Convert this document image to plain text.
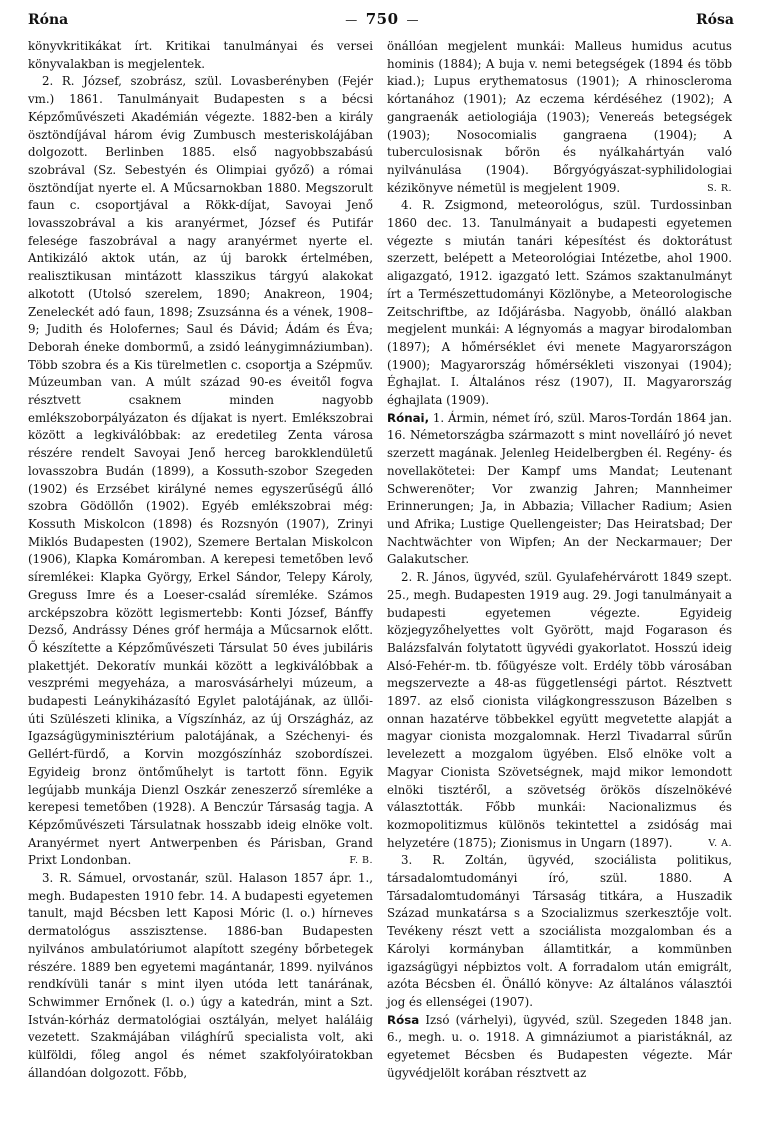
Róna
—	750 —	Rósa

könyvkritikákat írt. Kritikai tanulmányai és versei könyvalakban is megjelentek.

2. R. József, szobrász, szül. Lovasberényben (Fejér vm.) 1861. Tanulmányait Budapesten s a bécsi Képzőművészeti Akadémián végezte. 1882-ben a király ösztöndíjával három évig Zumbusch mesteriskolájában dolgozott. Berlinben 1885. első nagyobbszabású szobrával (Sz. Sebestyén és Olimpiai győző) a római ösztöndíjat nyerte el. A Műcsarnokban 1880. Megszorult faun c. csoportjával a Rökk-díjat, Savoyai Jenő lovasszobrával a kis aranyérmet, József és Putifár felesége faszobrával a nagy aranyérmet nyerte el. Antikizáló aktok után, az új barokk értelmében, realisztikusan mintázott klasszikus tárgyú alakokat alkotott (Utolsó szerelem, 1890; Anakreon, 1904; Zeneleckét adó faun, 1898; Zsuzsánna és a vének, 1908–9; Judith és Holofernes; Saul és Dávid; Ádám és Éva; Deborah éneke dombormű, a zsidó leánygimnáziumban). Több szobra és a Kis türelmetlen c. csoportja a Szépműv. Múzeumban van. A múlt század 90-es éveitől fogva résztvett csaknem minden nagyobb emlékszoborpályázaton és díjakat is nyert. Emlékszobrai között a legkiválóbbak: az eredetileg Zenta városa részére rendelt Savoyai Jenő herceg barokklendületű lovasszobra Budán (1899), a Kossuth-szobor Szegeden (1902) és Erzsébet királyné nemes egyszerűségű álló szobra Gödöllőn (1902). Egyéb emlékszobrai még: Kossuth Miskolcon (1898) és Rozsnyón (1907), Zrinyi Miklós Budapesten (1902), Szemere Bertalan Miskolcon (1906), Klapka Komáromban. A kerepesi temetőben levő síremlékei: Klapka György, Erkel Sándor, Telepy Károly, Greguss Imre és a Loeser-család síremléke. Számos arcképszobra között legismertebb: Konti József, Bánffy Dezső, Andrássy Dénes gróf hermája a Műcsarnok előtt. Ő készítette a Képzőművészeti Társulat 50 éves jubiláris plakettjét. Dekoratív munkái között a legkiválóbbak a veszprémi megyeháza, a marosvásárhelyi múzeum, a budapesti Leánykiházasító Egylet palotájának, az üllői-úti Szülészeti klinika, a Vígszínház, az új Országház, az Igazságügyminisztérium palotájának, a Széchenyi- és Gellért-fürdő, a Korvin mozgószínház szobordíszei. Egyideig bronz öntőműhelyt is tartott fönn. Egyik legújabb munkája Dienzl Oszkár zeneszerző síremléke a kerepesi temetőben (1928). A Benczúr Társaság tagja. A Képzőművészeti Társulatnak hosszabb ideig elnöke volt. Aranyérmet nyert Antwerpenben és Párisban, Grand Prixt Londonban.	F. B.

3. R. Sámuel, orvostanár, szül. Halason 1857 ápr. 1., megh. Budapesten 1910 febr. 14. A budapesti egyetemen tanult, majd Bécsben lett Kaposi Móric (l. o.) hírneves dermatológus asszisztense. 1886-ban Budapesten nyilvános ambulatóriumot alapított szegény bőrbetegek részére. 1889 ben egyetemi magántanár, 1899. nyilvános rendkívüli tanár s mint ilyen utóda lett tanárának, Schwimmer Ernőnek (l. o.) úgy a katedrán, mint a Szt. István-kórház dermatológiai osztályán, melyet haláláig vezetett. Szakmájában világhírű specialista volt, aki külföldi, főleg angol és német szakfolyóiratokban állandóan dolgozott. Főbb,

önállóan megjelent munkái: Malleus humidus acutus hominis (1884); A buja v. nemi betegségek (1894 és több kiad.); Lupus erythematosus (1901); A rhinoscleroma kórtanához (1901); Az eczema kérdéséhez (1902); A gangraenák aetiologiája (1903); Venereás betegségek (1903); Nosocomialis gangraena (1904); A tuberculosisnak bőrön és nyálkahártyán való nyilvánulása (1904). Bőrgyógyászat-syphilidologiai kézikönyve németül is megjelent 1909.	S. R.

4. R. Zsigmond, meteorológus, szül. Turdossinban 1860 dec. 13. Tanulmányait a budapesti egyetemen végezte s miután tanári képesítést és doktorátust szerzett, belépett a Meteorológiai Intézetbe, ahol 1900. aligazgató, 1912. igazgató lett. Számos szaktanulmányt írt a Természettudományi Közlönybe, a Meteorologische Zeitschriftbe, az Időjárásba. Nagyobb, önálló alakban megjelent munkái: A légnyomás a magyar birodalomban (1897); A hőmérséklet évi menete Magyarországon (1900); Magyarország hőmérsékleti viszonyai (1904); Éghajlat. I. Általános rész (1907), II. Magyarország éghajlata (1909).

Rónai, 1. Ármin, német író, szül. Maros-Tordán 1864 jan. 16. Németországba származott s mint novelláíró jó nevet szerzett magának. Jelenleg Heidelbergben él. Regény- és novellakötetei: Der Kampf ums Mandat; Leutenant Schwerenöter; Vor zwanzig Jahren; Mannheimer Erinnerungen; Ja, in Abbazia; Villacher Radium; Asien und Afrika; Lustige Quellengeister; Das Heiratsbad; Der Nachtwächter von Wipfen; An der Neckarmauer; Der Galakutscher.

2. R. János, ügyvéd, szül. Gyulafehérvárott 1849 szept. 25., megh. Budapesten 1919 aug. 29. Jogi tanulmányait a budapesti egyetemen végezte. Egyideig közjegyzőhelyettes volt Györött, majd Fogarason és Balázsfalván folytatott ügyvédi gyakorlatot. Hosszú ideig Alsó-Fehér-m. tb. főügyésze volt. Erdély több városában megszervezte a 48-as függetlenségi pártot. Résztvett 1897. az első cionista világkongresszuson Bázelben s onnan hazatérve többekkel együtt megvetette alapját a magyar cionista mozgalomnak. Herzl Tivadarral sűrűn levelezett a mozgalom ügyében. Első elnöke volt a Magyar Cionista Szövetségnek, majd mikor lemondott elnöki tisztéről, a szövetség örökös díszelnökévé választották. Főbb munkái: Nacionalizmus és kozmopolitizmus különös tekintettel a zsidóság mai helyzetére (1875); Zionismus in Ungarn (1897).	V. A.

3. R. Zoltán, ügyvéd, szociálista politikus, társadalomtudományi író, szül. 1880. A Társadalomtudományi Társaság titkára, a Huszadik Század munkatársa s a Szocializmus szerkesztője volt. Tevékeny részt vett a szociálista mozgalomban és a Károlyi kormányban államtitkár, a kommünben igazságügyi népbiztos volt. A forradalom után emigrált, azóta Bécsben él. Önálló könyve: Az általános választói jog és ellenségei (1907).

Rósa Izsó (várhelyi), ügyvéd, szül. Szegeden 1848 jan. 6., megh. u. o. 1918. A gimnáziumot a piaristáknál, az egyetemet Bécsben és Budapesten végezte. Már ügyvédjelölt korában résztvett az
